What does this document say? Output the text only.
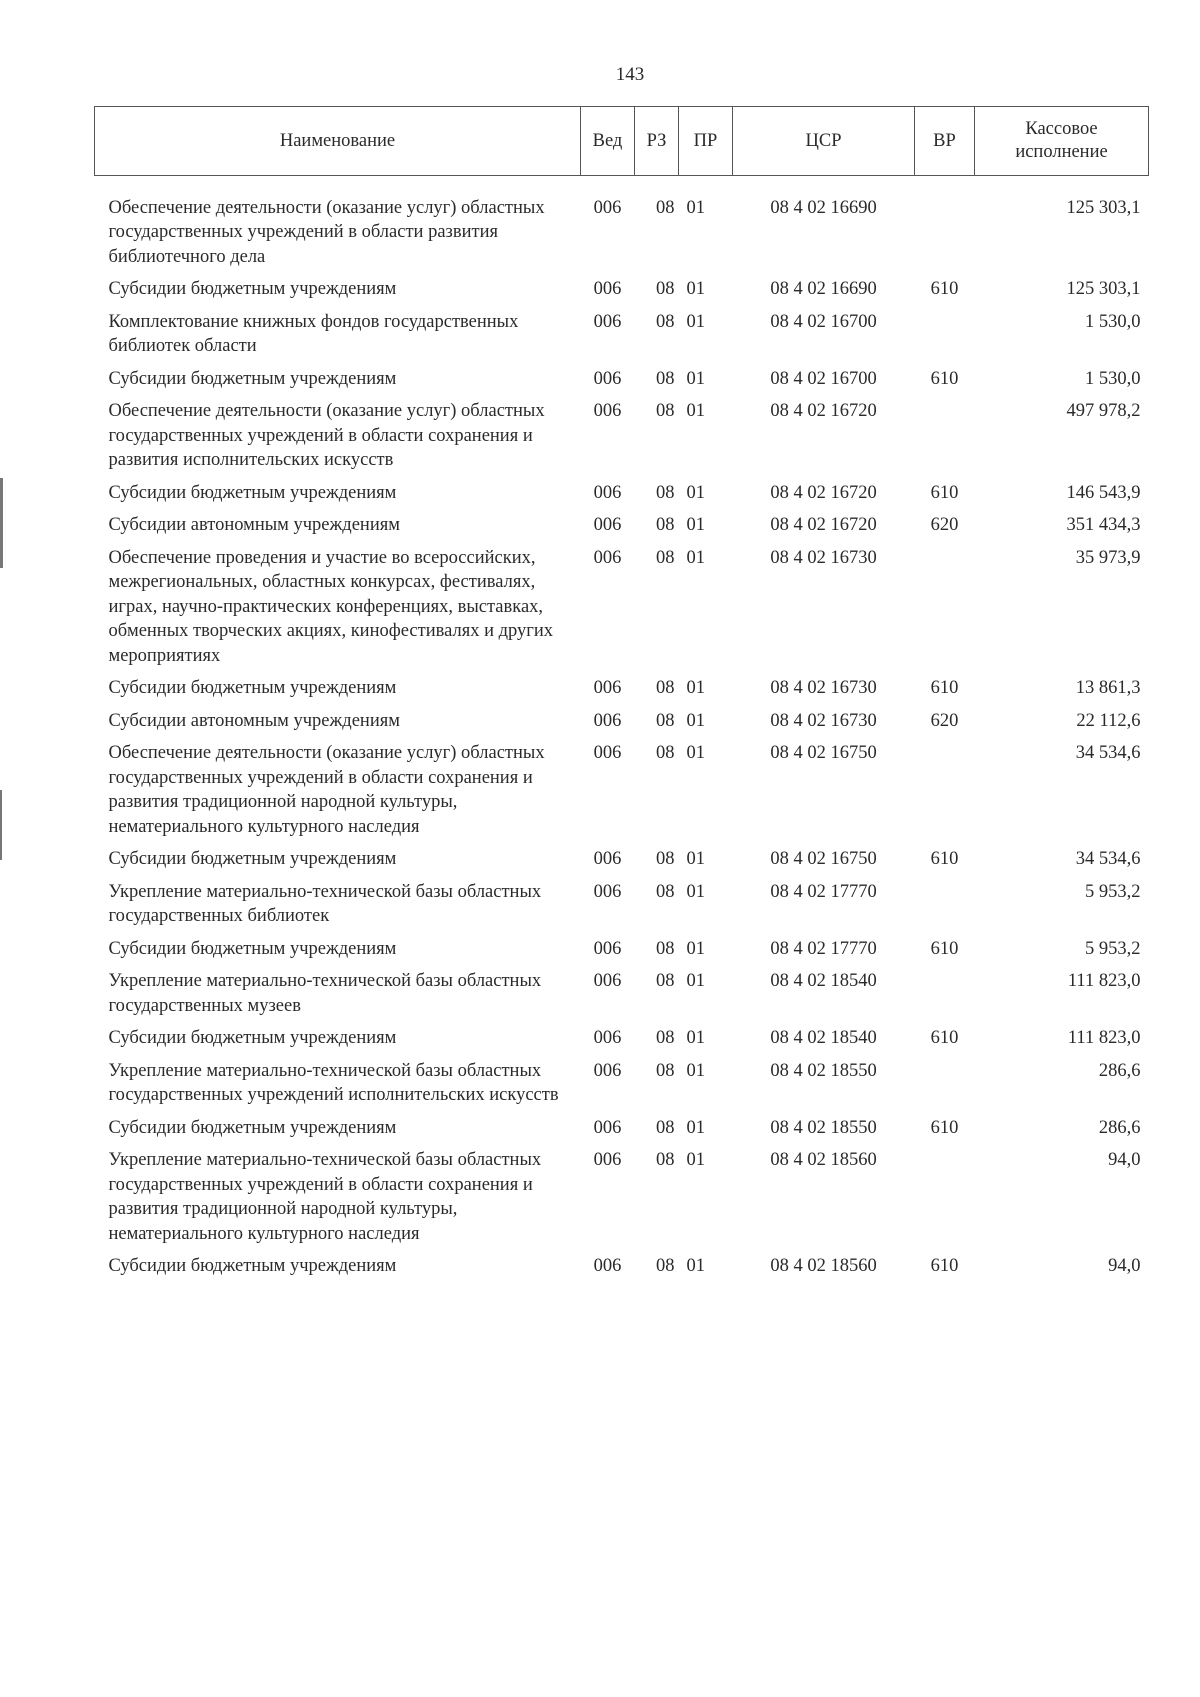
143
Наименование	Вед	РЗ	ПР	ЦСР	ВР	Кассовое исполнение

Обеспечение деятельности (оказание услуг) областных государственных учреждений в области развития библиотечного дела	006	08	01	08 4 02 16690		125 303,1
Субсидии бюджетным учреждениям	006	08	01	08 4 02 16690	610	125 303,1
Комплектование книжных фондов государственных библиотек области	006	08	01	08 4 02 16700		1 530,0
Субсидии бюджетным учреждениям	006	08	01	08 4 02 16700	610	1 530,0
Обеспечение деятельности (оказание услуг) областных государственных учреждений в области сохранения и развития исполнительских искусств	006	08	01	08 4 02 16720		497 978,2
Субсидии бюджетным учреждениям	006	08	01	08 4 02 16720	610	146 543,9
Субсидии автономным учреждениям	006	08	01	08 4 02 16720	620	351 434,3
Обеспечение проведения и участие во всероссийских, межрегиональных, областных конкурсах, фестивалях, играх, научно-практических конференциях, выставках, обменных творческих акциях, кинофестивалях и других мероприятиях	006	08	01	08 4 02 16730		35 973,9
Субсидии бюджетным учреждениям	006	08	01	08 4 02 16730	610	13 861,3
Субсидии автономным учреждениям	006	08	01	08 4 02 16730	620	22 112,6
Обеспечение деятельности (оказание услуг) областных государственных учреждений в области сохранения и развития традиционной народной культуры, нематериального культурного наследия	006	08	01	08 4 02 16750		34 534,6
Субсидии бюджетным учреждениям	006	08	01	08 4 02 16750	610	34 534,6
Укрепление материально-технической базы областных государственных библиотек	006	08	01	08 4 02 17770		5 953,2
Субсидии бюджетным учреждениям	006	08	01	08 4 02 17770	610	5 953,2
Укрепление материально-технической базы областных государственных музеев	006	08	01	08 4 02 18540		111 823,0
Субсидии бюджетным учреждениям	006	08	01	08 4 02 18540	610	111 823,0
Укрепление материально-технической базы областных государственных учреждений исполнительских искусств	006	08	01	08 4 02 18550		286,6
Субсидии бюджетным учреждениям	006	08	01	08 4 02 18550	610	286,6
Укрепление материально-технической базы областных государственных учреждений в области сохранения и развития традиционной народной культуры, нематериального культурного наследия	006	08	01	08 4 02 18560		94,0
Субсидии бюджетным учреждениям	006	08	01	08 4 02 18560	610	94,0
